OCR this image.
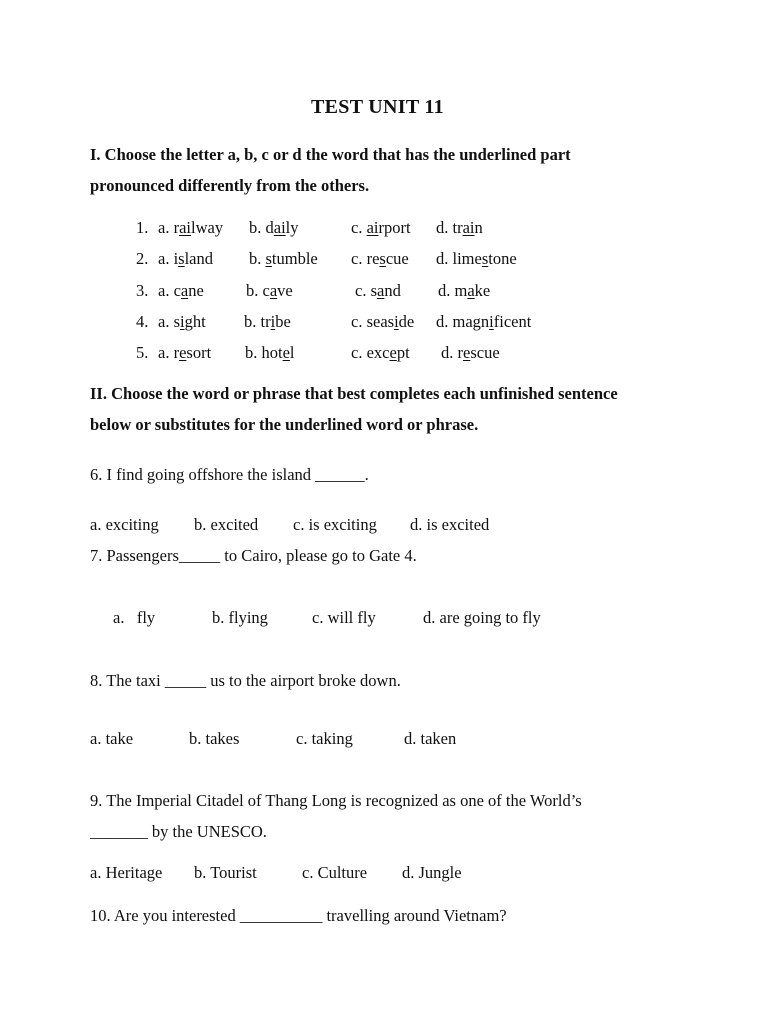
TEST UNIT 11
I. Choose the letter a, b, c or d the word that has the underlined part
pronounced differently from the others.
1. a. railway b. daily	c. airport d. train
2. a. island b. stumble c. rescue d. limestone
3. a. cane	b. cave	c. sand d. make
4. a. sight b. tribe	c. seaside d. magnificent
5. a. resort b. hotel	c. except d. rescue
II. Choose the word or phrase that best completes each unfinished sentence
below or substitutes for the underlined word or phrase.
6. I find going offshore the island ______.
a. exciting b. excited c. is exciting d. is excited
7. Passengers_____ to Cairo, please go to Gate 4.
a.   fly	b. flying	c. will fly	d. are going to fly
8. The taxi _____ us to the airport broke down.
a. take	b. takes	c. taking	d. taken
9. The Imperial Citadel of Thang Long is recognized as one of the World’s
_______ by the UNESCO.
a. Heritage b. Tourist	c. Culture d. Jungle
10. Are you interested __________ travelling around Vietnam?
